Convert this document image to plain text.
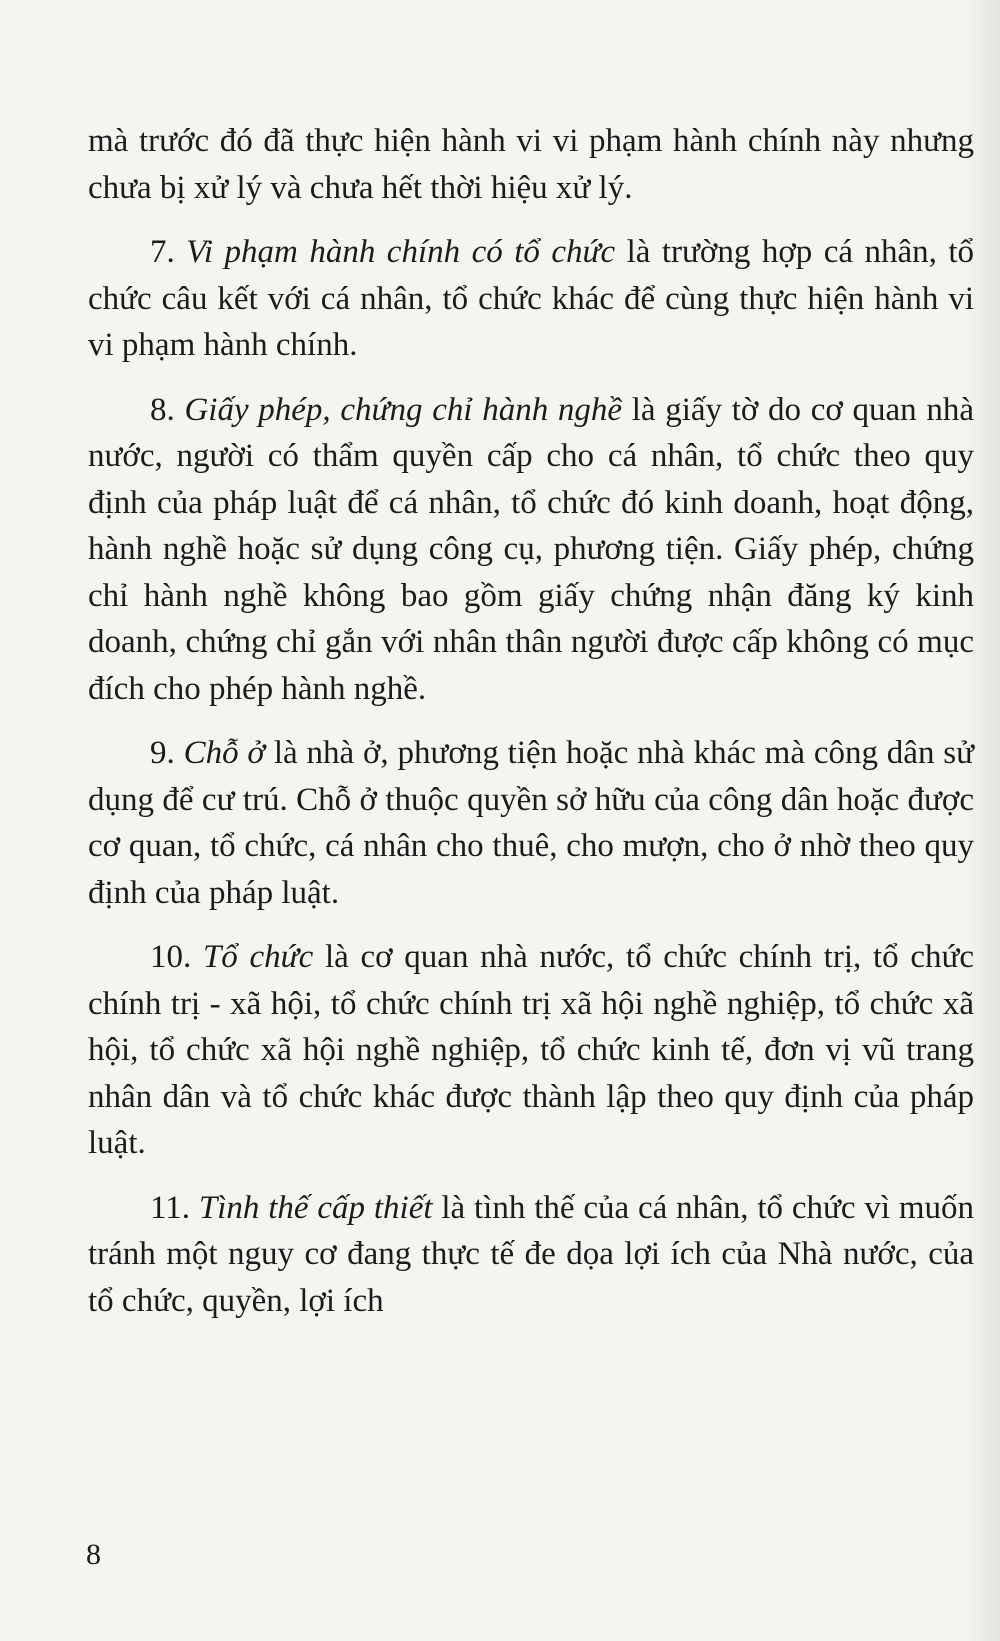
mà trước đó đã thực hiện hành vi vi phạm hành chính này nhưng chưa bị xử lý và chưa hết thời hiệu xử lý.

7. Vi phạm hành chính có tổ chức là trường hợp cá nhân, tổ chức câu kết với cá nhân, tổ chức khác để cùng thực hiện hành vi vi phạm hành chính.

8. Giấy phép, chứng chỉ hành nghề là giấy tờ do cơ quan nhà nước, người có thẩm quyền cấp cho cá nhân, tổ chức theo quy định của pháp luật để cá nhân, tổ chức đó kinh doanh, hoạt động, hành nghề hoặc sử dụng công cụ, phương tiện. Giấy phép, chứng chỉ hành nghề không bao gồm giấy chứng nhận đăng ký kinh doanh, chứng chỉ gắn với nhân thân người được cấp không có mục đích cho phép hành nghề.

9. Chỗ ở là nhà ở, phương tiện hoặc nhà khác mà công dân sử dụng để cư trú. Chỗ ở thuộc quyền sở hữu của công dân hoặc được cơ quan, tổ chức, cá nhân cho thuê, cho mượn, cho ở nhờ theo quy định của pháp luật.

10. Tổ chức là cơ quan nhà nước, tổ chức chính trị, tổ chức chính trị - xã hội, tổ chức chính trị xã hội nghề nghiệp, tổ chức xã hội, tổ chức xã hội nghề nghiệp, tổ chức kinh tế, đơn vị vũ trang nhân dân và tổ chức khác được thành lập theo quy định của pháp luật.

11. Tình thế cấp thiết là tình thế của cá nhân, tổ chức vì muốn tránh một nguy cơ đang thực tế đe dọa lợi ích của Nhà nước, của tổ chức, quyền, lợi ích

8
